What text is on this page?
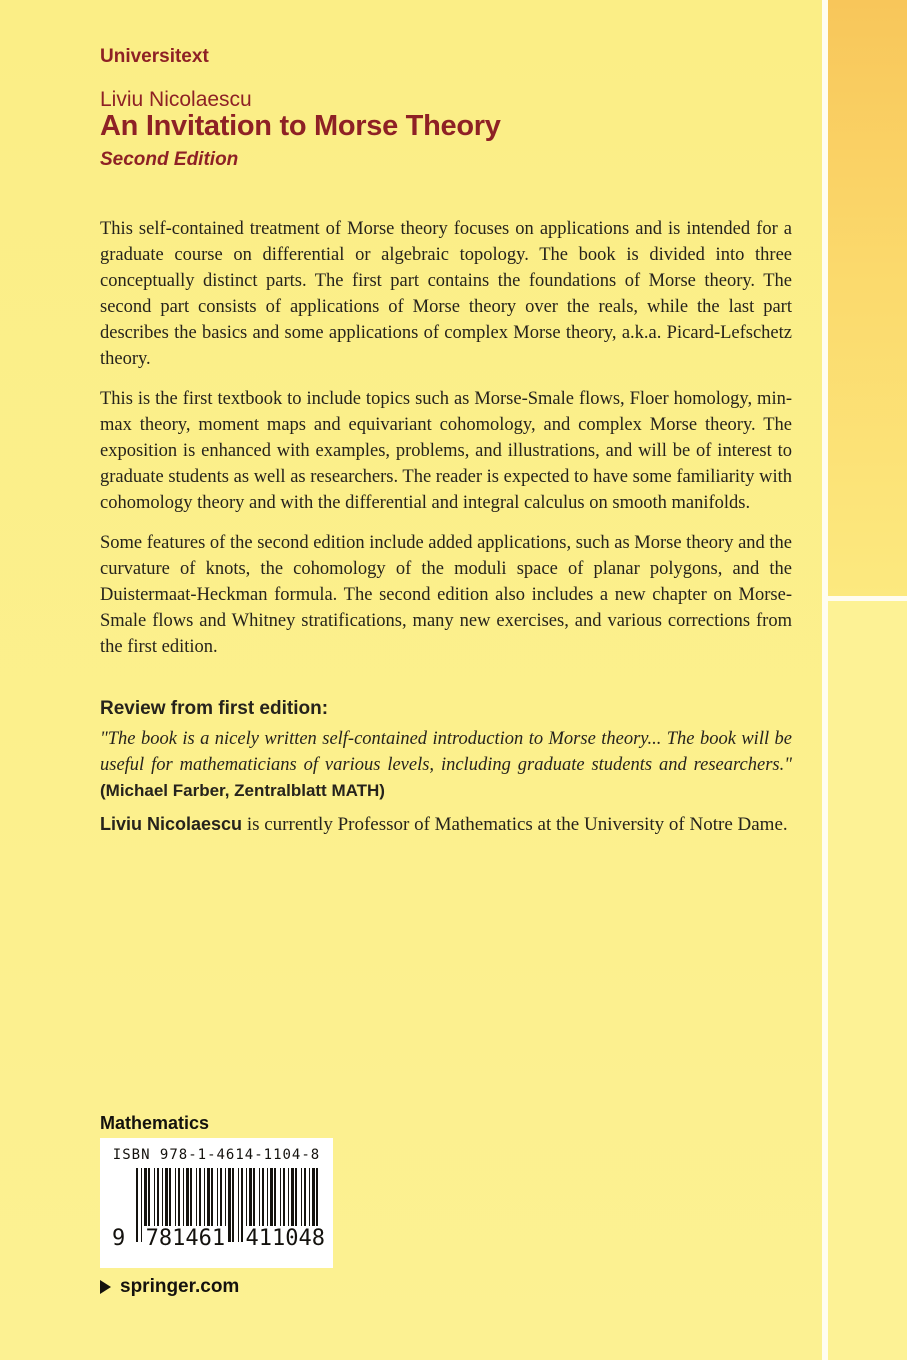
Universitext
Liviu Nicolaescu
An Invitation to Morse Theory
Second Edition

This self-contained treatment of Morse theory focuses on applications and is intended for a graduate course on differential or algebraic topology. The book is divided into three conceptually distinct parts. The first part contains the foundations of Morse theory. The second part consists of applications of Morse theory over the reals, while the last part describes the basics and some applications of complex Morse theory, a.k.a. Picard-Lefschetz theory.

This is the first textbook to include topics such as Morse-Smale flows, Floer homology, min-max theory, moment maps and equivariant cohomology, and complex Morse theory. The exposition is enhanced with examples, problems, and illustrations, and will be of interest to graduate students as well as researchers. The reader is expected to have some familiarity with cohomology theory and with the differential and integral calculus on smooth manifolds.

Some features of the second edition include added applications, such as Morse theory and the curvature of knots, the cohomology of the moduli space of planar polygons, and the Duistermaat-Heckman formula. The second edition also includes a new chapter on Morse-Smale flows and Whitney stratifications, many new exercises, and various corrections from the first edition.

Review from first edition:

"The book is a nicely written self-contained introduction to Morse theory... The book will be useful for mathematicians of various levels, including graduate students and researchers." (Michael Farber, Zentralblatt MATH)

Liviu Nicolaescu is currently Professor of Mathematics at the University of Notre Dame.
Mathematics
ISBN 978-1-4614-1104-8
9 781461 411048
springer.com
